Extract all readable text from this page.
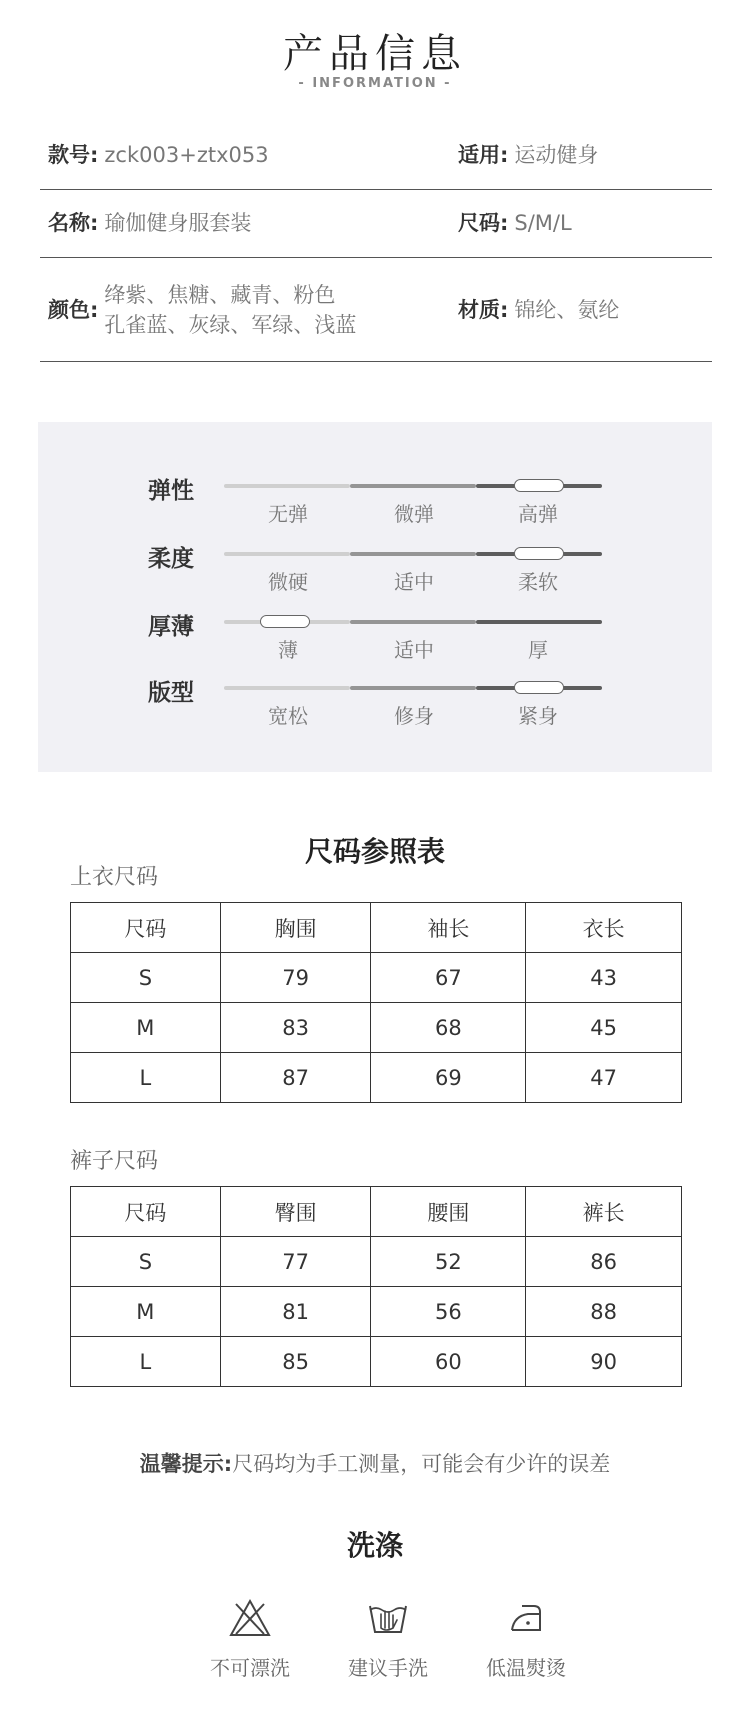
产品信息
- INFORMATION -
款号: zck003+ztx053	适用: 运动健身
名称: 瑜伽健身服套装	尺码: S/M/L
颜色:
绛紫、焦糖、藏青、粉色
孔雀蓝、灰绿、军绿、浅蓝
材质: 锦纶、氨纶
弹性
无弹	微弹	高弹
柔度
微硬	适中	柔软
厚薄
薄	适中	厚
版型
宽松	修身	紧身
尺码参照表
上衣尺码
尺码	胸围	袖长	衣长
S	79	67	43
M	83	68	45
L	87	69	47
裤子尺码
尺码	臀围	腰围	裤长
S	77	52	86
M	81	56	88
L	85	60	90
温馨提示:尺码均为手工测量，可能会有少许的误差
洗涤
不可漂洗	建议手洗	低温熨烫
